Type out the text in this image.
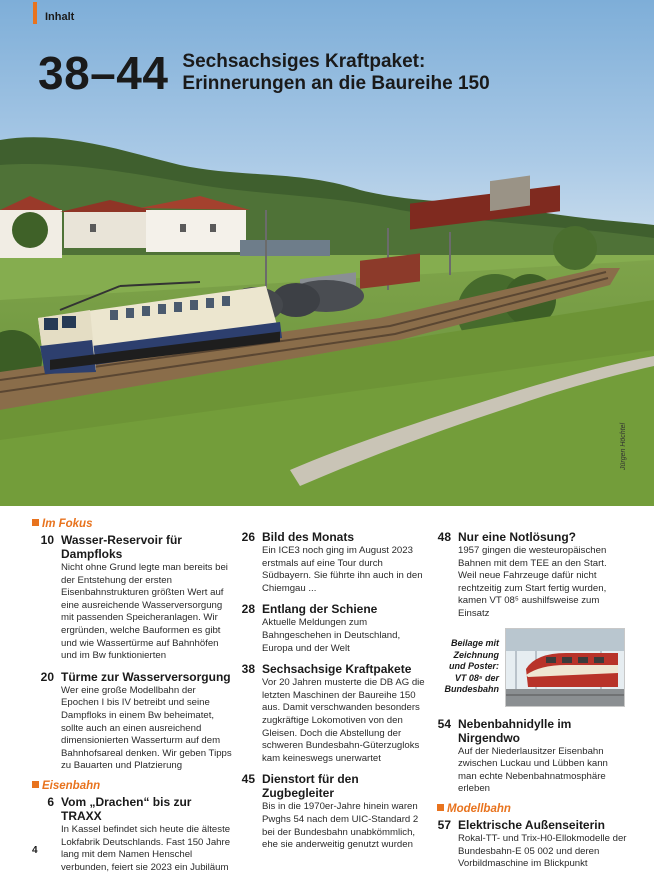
Inhalt
38–44 Sechsachsiges Kraftpaket:
Erinnerungen an die Baureihe 150
Jürgen Höchtel
Im Fokus
10 Wasser-Reservoir für Dampfloks
Nicht ohne Grund legte man bereits bei der Entstehung der ersten Eisenbahnstrukturen größten Wert auf eine ausreichende Wasserversorgung mit passenden Speicheranlagen. Wir ergründen, welche Bauformen es gibt und wie Wassertürme auf Bahnhöfen und im Bw funktionierten
20 Türme zur Wasserversorgung
Wer eine große Modellbahn der Epochen I bis IV betreibt und seine Dampfloks in einem Bw beheimatet, sollte auch an einen ausreichend dimensionierten Wasserturm auf dem Bahnhofsareal denken. Wir geben Tipps zu Bauarten und Platzierung
Eisenbahn
6 Vom „Drachen“ bis zur TRAXX
In Kassel befindet sich heute die älteste Lokfabrik Deutschlands. Fast 150 Jahre lang mit dem Namen Henschel verbunden, feiert sie 2023 ein Jubiläum
26 Bild des Monats
Ein ICE3 noch ging im August 2023 erstmals auf eine Tour durch Südbayern. Sie führte ihn auch in den Chiemgau ...
28 Entlang der Schiene
Aktuelle Meldungen zum Bahngeschehen in Deutschland, Europa und der Welt
38 Sechsachsige Kraftpakete
Vor 20 Jahren musterte die DB AG die letzten Maschinen der Baureihe 150 aus. Damit verschwanden besonders zugkräftige Lokomotiven von den Gleisen. Doch die Abstellung der schweren Bundesbahn-Güterzugloks kam keineswegs unerwartet
45 Dienstort für den Zugbegleiter
Bis in die 1970er-Jahre hinein waren Pwghs 54 nach dem UIC-Standard 2 bei der Bundesbahn unabkömmlich, ehe sie anderweitig genutzt wurden
48 Nur eine Notlösung?
1957 gingen die westeuropäischen Bahnen mit dem TEE an den Start. Weil neue Fahrzeuge dafür nicht rechtzeitig zum Start fertig wurden, kamen VT 08⁵ aushilfsweise zum Einsatz
Beilage mit
Zeichnung
und Poster:
VT 08⁵ der
Bundesbahn
54 Nebenbahnidylle im Nirgendwo
Auf der Niederlausitzer Eisenbahn zwischen Luckau und Lübben kann man echte Nebenbahnatmosphäre erleben
Modellbahn
57 Elektrische Außenseiterin
Rokal-TT- und Trix-H0-Ellokmodelle der Bundesbahn-E 05 002 und deren Vorbildmaschine im Blickpunkt
4
